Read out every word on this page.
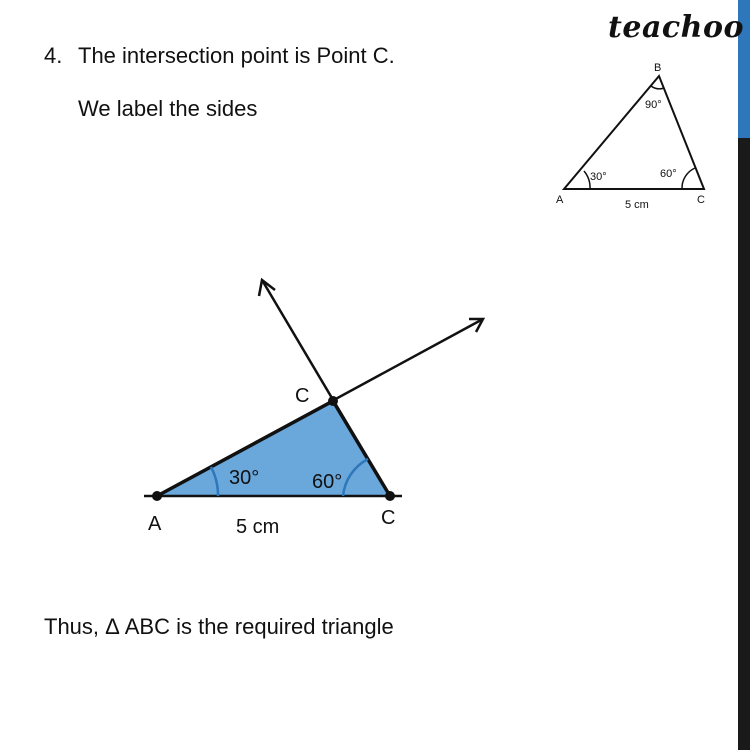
teachoo
4. The intersection point is Point C.
We label the sides
B
90°
30°	60°
A	C
5 cm
30°	60°
C
A	C
5 cm
Thus, Δ ABC is the required triangle
